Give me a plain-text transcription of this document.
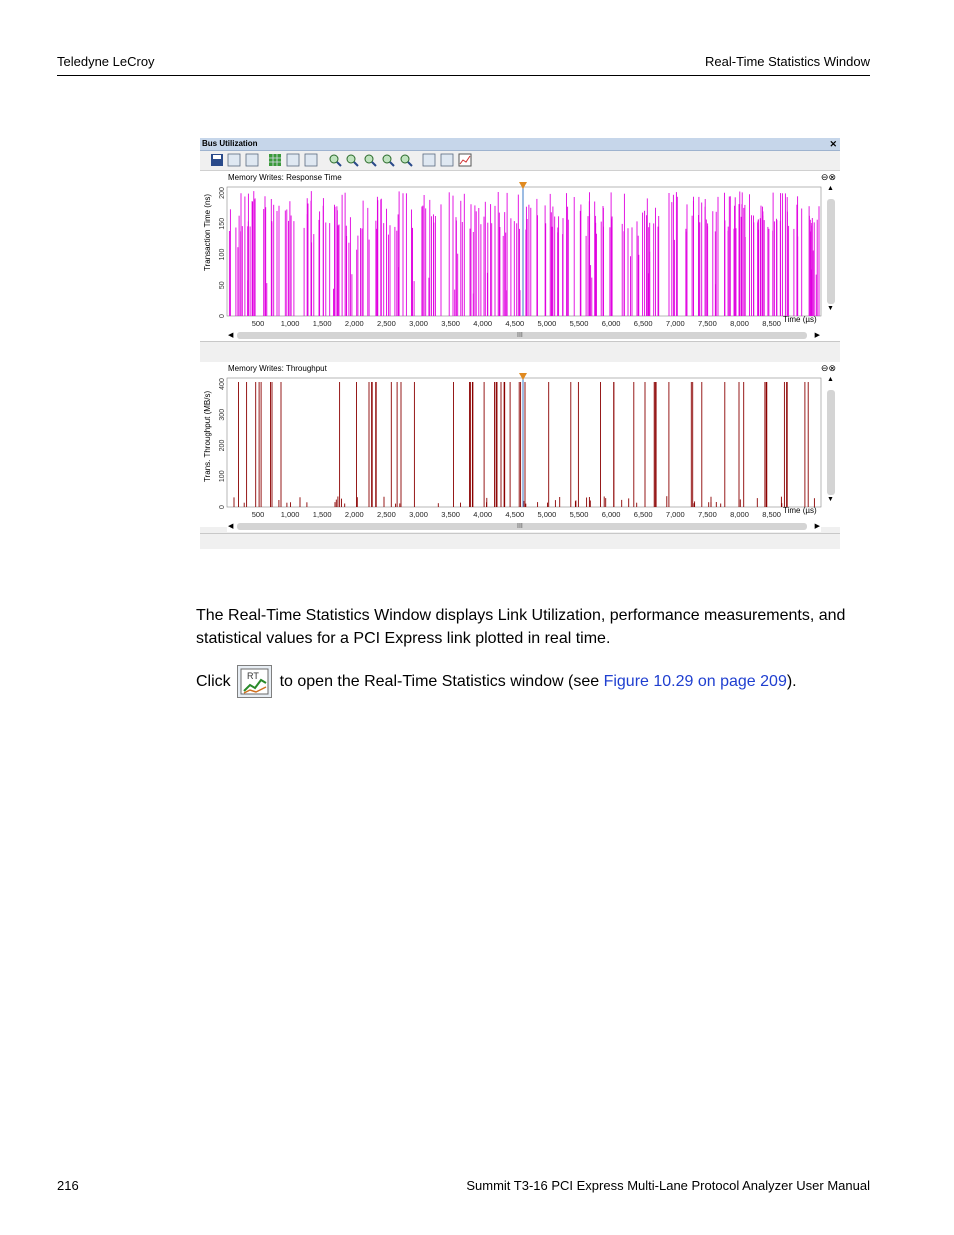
Teledyne LeCroy	Real-Time Statistics Window
Bus Utilization	✕
Memory Writes: Response Time	⊖⊗
Transaction Time (ns)
0
50
100
150
200
500 1,000 1,500 2,000 2,500 3,000 3,500 4,000 4,500 5,000 5,500 6,000 6,500 7,000 7,500 8,000 8,500 Time (µs)
▲
▼
◀	III	▶
Memory Writes: Throughput	⊖⊗
Trans. Throughput (MB/s)
0
100
200
300
400
500 1,000 1,500 2,000 2,500 3,000 3,500 4,000 4,500 5,000 5,500 6,000 6,500 7,000 7,500 8,000 8,500 Time (µs)
▲
▼
◀	III	▶
The Real-Time Statistics Window displays Link Utilization, performance measurements, and statistical values for a PCI Express link plotted in real time.
Click RT to open the Real-Time Statistics window (see Figure 10.29 on page 209).
216	Summit T3-16 PCI Express Multi-Lane Protocol Analyzer User Manual
